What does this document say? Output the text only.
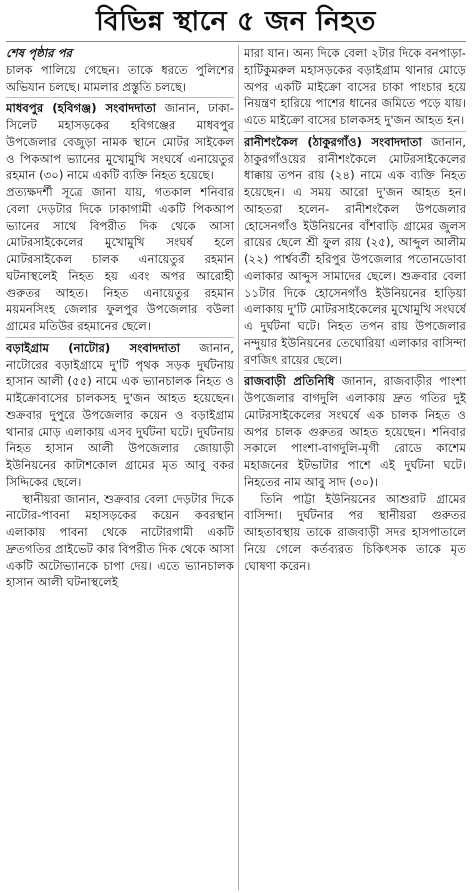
বিভিন্ন স্থানে ৫ জন নিহত

শেষ পৃষ্ঠার পর

চালক পালিয়ে গেছেন। তাকে ধরতে পুলিশের অভিযান চলছে। মামলার প্রস্তুতি চলছে।

মাধবপুর (হবিগঞ্জ) সংবাদদাতা জানান, ঢাকা-সিলেট মহাসড়কের হবিগঞ্জের মাধবপুর উপজেলার বেজুড়া নামক স্থানে মোটর সাইকেল ও পিকআপ ভ্যানের মুখোমুখি সংঘর্ষে এনায়েতুর রহমান (৩০) নামে একটি ব্যক্তি নিহত হয়েছে।

প্রত্যক্ষদর্শী সূত্রে জানা যায়, গতকাল শনিবার বেলা দেড়টার দিকে ঢাকাগামী একটি পিকআপ ভ্যানের সাথে বিপরীত দিক থেকে আসা মোটরসাইকেলের মুখোমুখি সংঘর্ষ হলে মোটরসাইকেল চালক এনায়েতুর রহমান ঘটনাস্থলেই নিহত হয় এবং অপর আরোহী গুরুতর আহত। নিহত এনায়েতুর রহমান ময়মনসিংহ জেলার ফুলপুর উপজেলার বউলা গ্রামের মতিউর রহমানের ছেলে।

বড়াইগ্রাম (নাটোর) সংবাদদাতা জানান, নাটোরের বড়াইগ্রামে দু'টি পৃথক সড়ক দুর্ঘটনায় হাসান আলী (৫৫) নামে এক ভ্যানচালক নিহত ও মাইক্রোবাসের চালকসহ দু'জন আহত হয়েছেন। শুক্রবার দুপুরে উপজেলার কয়েন ও বড়াইগ্রাম থানার মোড় এলাকায় এসব দুর্ঘটনা ঘটে। দুর্ঘটনায় নিহত হাসান আলী উপজেলার জোয়াড়ী ইউনিয়নের কাটাশকোল গ্রামের মৃত আবু বকর সিদ্দিকের ছেলে।

স্থানীয়রা জানান, শুক্রবার বেলা দেড়টার দিকে নাটোর-পাবনা মহাসড়কের কয়েন কবরস্থান এলাকায় পাবনা থেকে নাটোরগামী একটি দ্রুতগতির প্রাইভেট কার বিপরীত দিক থেকে আসা একটি অটোভ্যানকে চাপা দেয়। এতে ভ্যানচালক হাসান আলী ঘটনাস্থলেই

মারা যান। অন্য দিকে বেলা ২টার দিকে বনপাড়া-হাটিকুমরুল মহাসড়কের বড়াইগ্রাম থানার মোড়ে অপর একটি মাইক্রো বাসের চাকা পাংচার হয়ে নিয়ন্ত্রণ হারিয়ে পাশের ধানের জমিতে পড়ে যায়। এতে মাইক্রো বাসের চালকসহ দু'জন আহত হন।

রানীশংকৈল (ঠাকুরগাঁও) সংবাদদাতা জানান, ঠাকুরগাঁওয়ের রানীশংকৈলে মোটরসাইকেলের ধাক্কায় তপন রায় (২৪) নামে এক ব্যক্তি নিহত হয়েছেন। এ সময় আরো দু'জন আহত হন। আহতরা হলেন- রানীশংকৈল উপজেলার হোসেনগাঁও ইউনিয়নের বাঁশবাড়ি গ্রামের জুলস রায়ের ছেলে শ্রী ফুল রায় (২৫), আব্দুল আলীম (২২) পার্শ্ববর্তী হরিপুর উপজেলার পতোনডোবা এলাকার আব্দুস সামাদের ছেলে। শুক্রবার বেলা ১১টার দিকে হোসেনগাঁও ইউনিয়নের হাড়িয়া এলাকায় দু'টি মোটরসাইকেলের মুখোমুখি সংঘর্ষে এ দুর্ঘটনা ঘটে। নিহত তপন রায় উপজেলার নন্দুয়ার ইউনিয়নের তেঘোরিয়া এলাকার বাসিন্দা রণজিৎ রায়ের ছেলে।

রাজবাড়ী প্রতিনিধি জানান, রাজবাড়ীর পাংশা উপজেলার বাগদুলি এলাকায় দ্রুত গতির দুই মোটরসাইকেলের সংঘর্ষে এক চালক নিহত ও অপর চালক গুরুতর আহত হয়েছেন। শনিবার সকালে পাংশা-বাগদুলি-মৃগী রোডে কাশেম মহাজনের ইটভাটার পাশে এই দুর্ঘটনা ঘটে। নিহতের নাম আবু সাদ (৩০)।

তিনি পাট্টা ইউনিয়নের আশুরাট গ্রামের বাসিন্দা। দুর্ঘটনার পর স্থানীয়রা গুরুতর আহতাবস্থায় তাকে রাজবাড়ী সদর হাসপাতালে নিয়ে গেলে কর্তব্যরত চিকিৎসক তাকে মৃত ঘোষণা করেন।
